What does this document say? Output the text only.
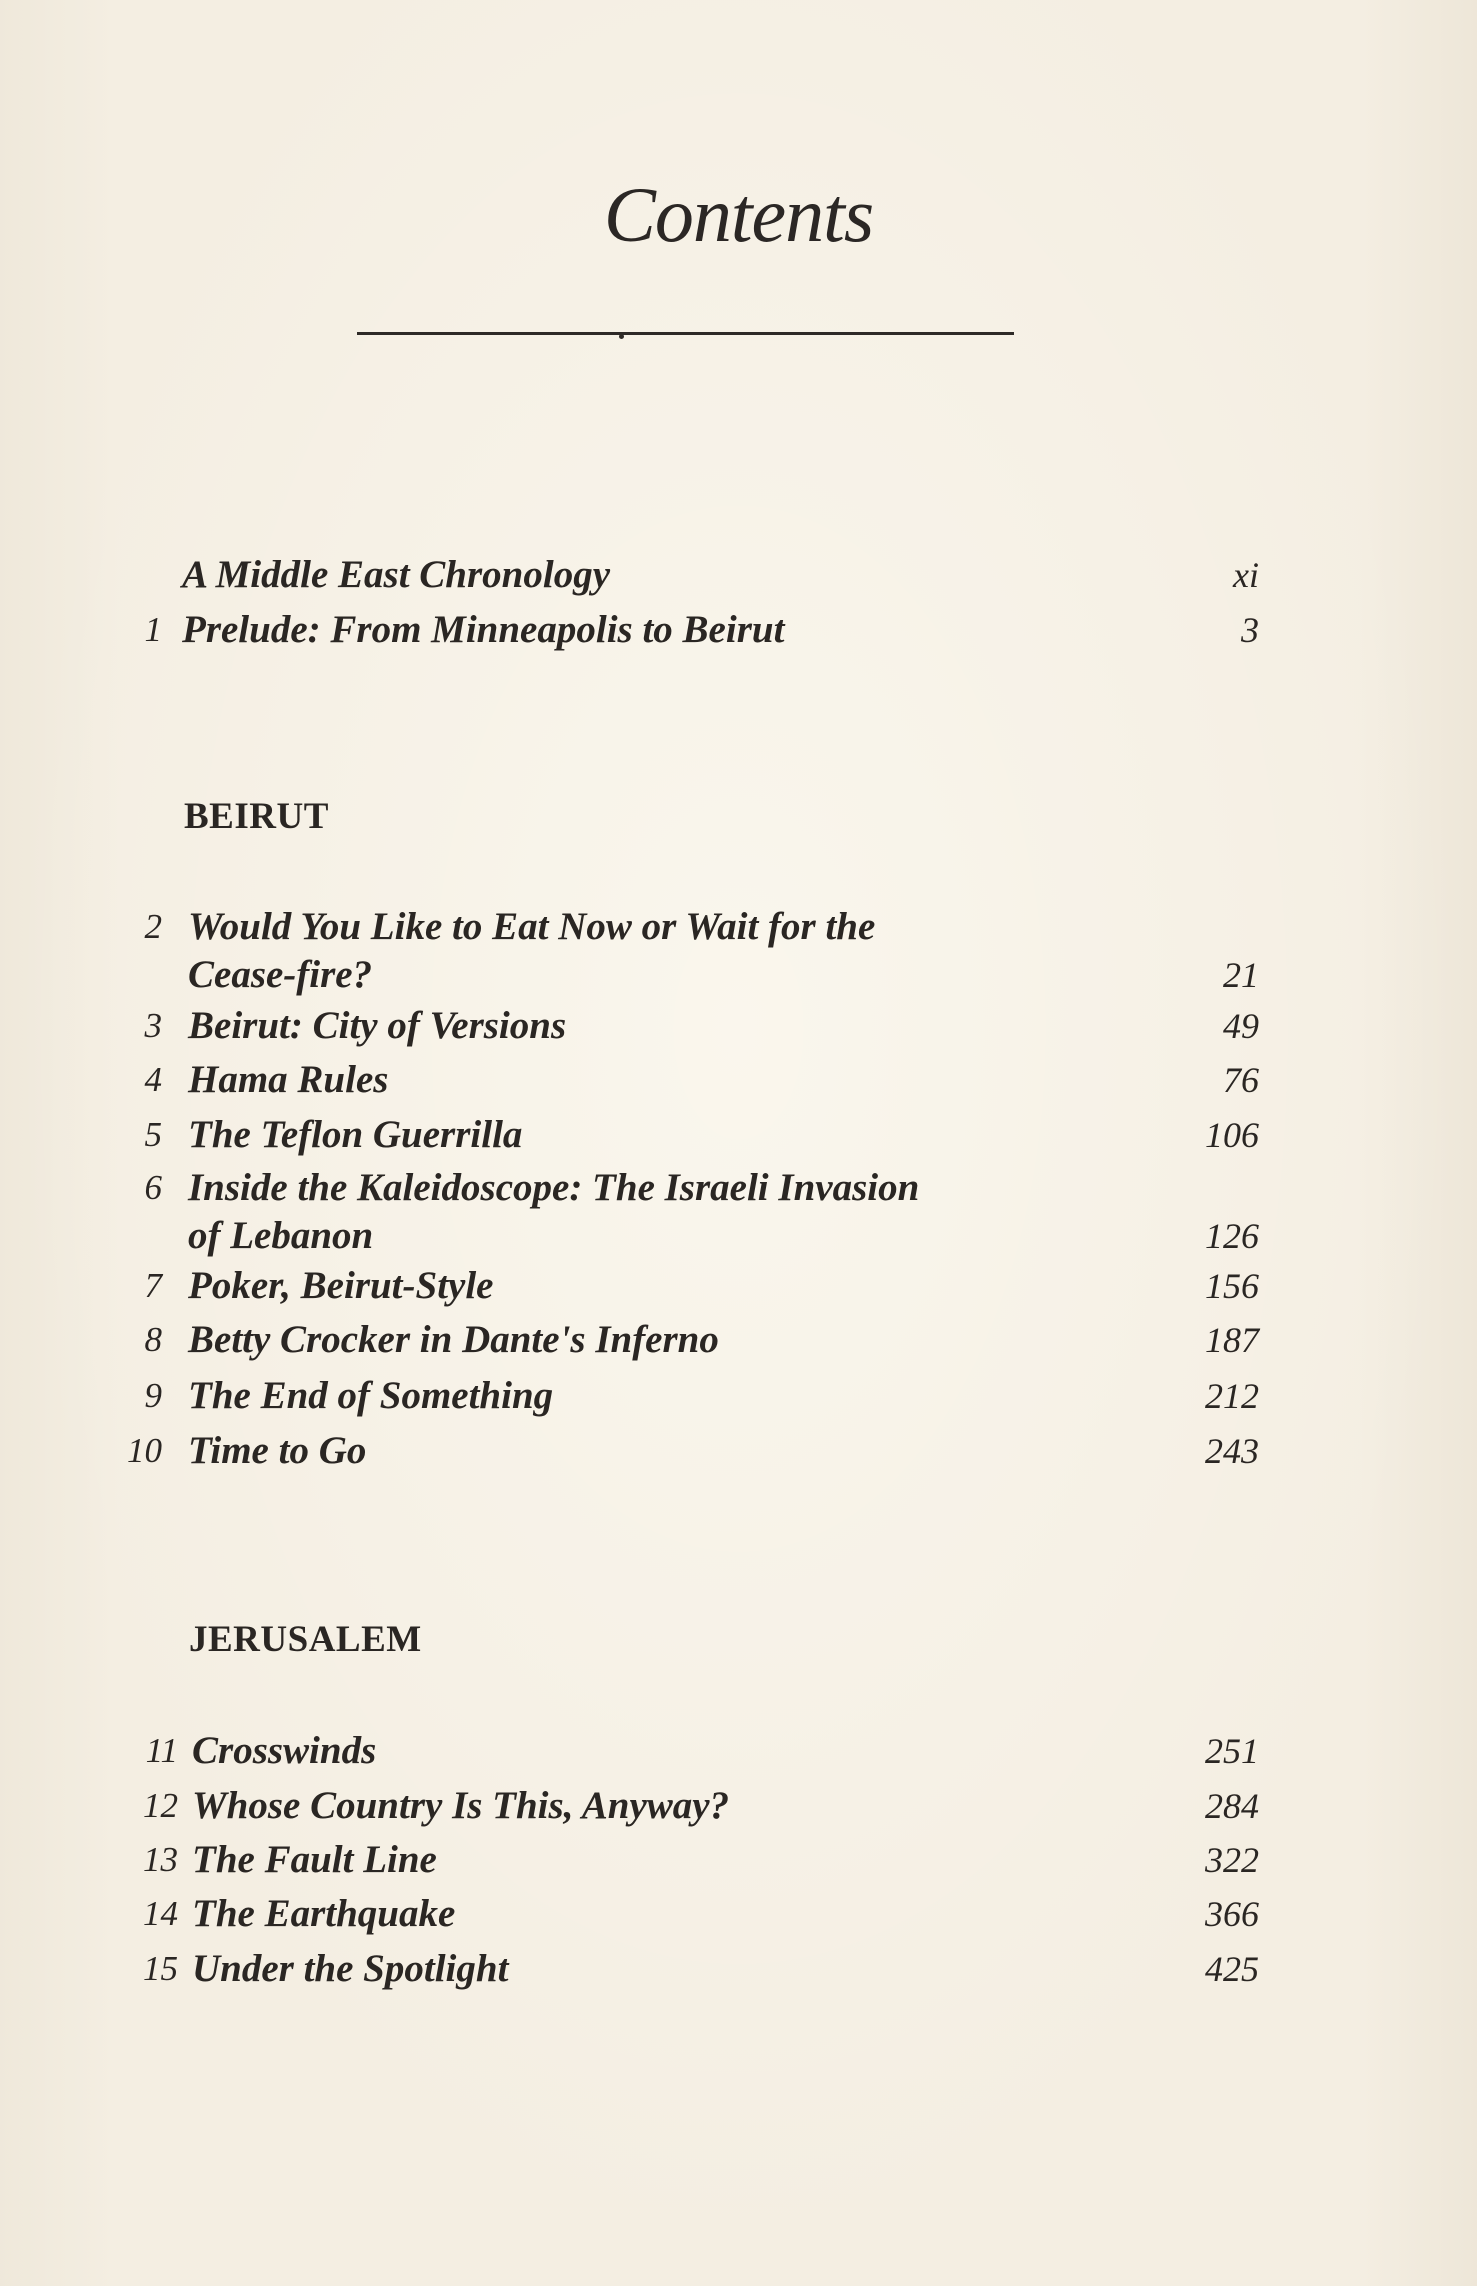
Contents
A Middle East Chronology	xi
1 Prelude: From Minneapolis to Beirut	3
BEIRUT
2 Would You Like to Eat Now or Wait for the
Cease-fire?	21
3 Beirut: City of Versions	49
4 Hama Rules	76
5 The Teflon Guerrilla	106
6 Inside the Kaleidoscope: The Israeli Invasion
of Lebanon	126
7 Poker, Beirut-Style	156
8 Betty Crocker in Dante's Inferno	187
9 The End of Something	212
10 Time to Go	243
JERUSALEM
11 Crosswinds	251
12 Whose Country Is This, Anyway?	284
13 The Fault Line	322
14 The Earthquake	366
15 Under the Spotlight	425
